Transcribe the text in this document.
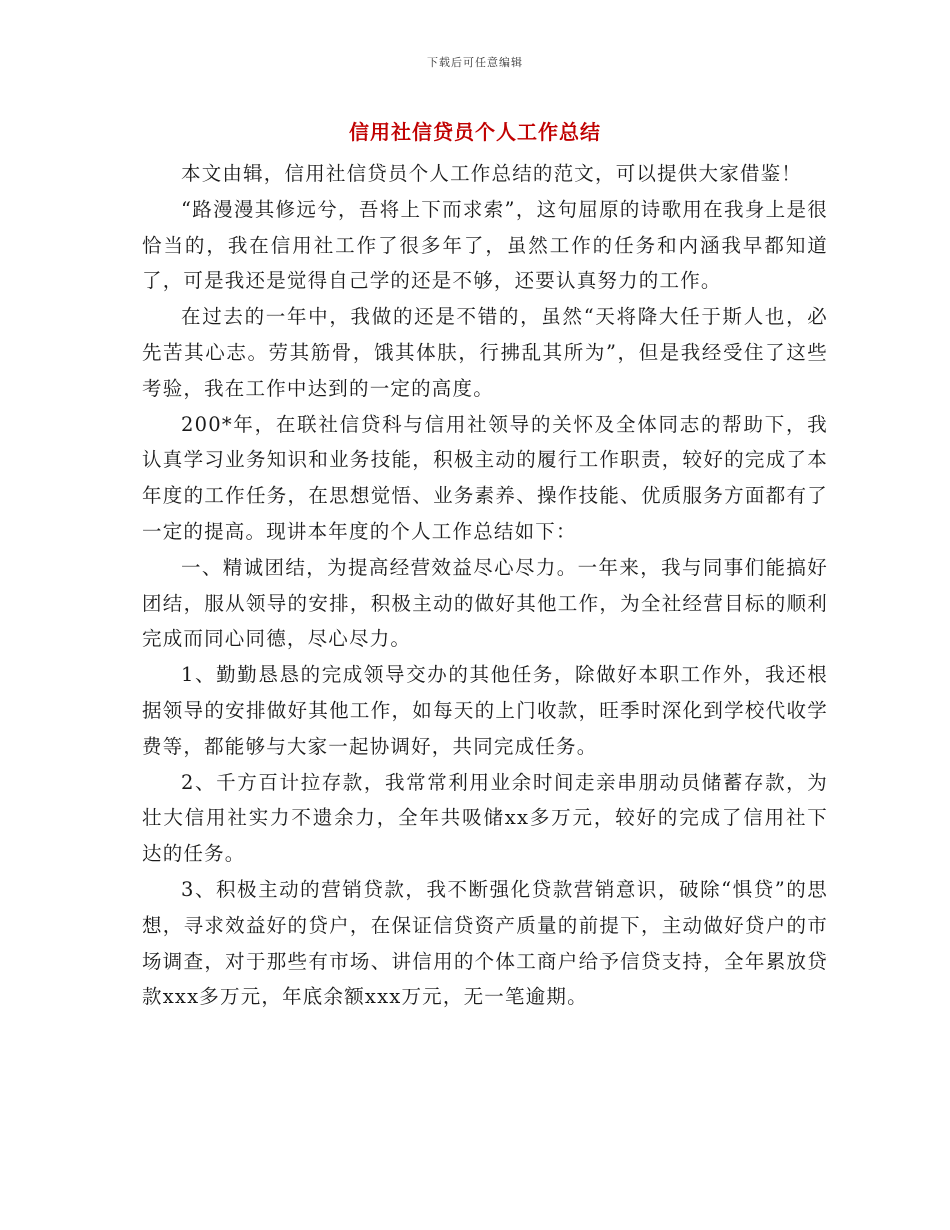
下载后可任意编辑
信用社信贷员个人工作总结

本文由辑，信用社信贷员个人工作总结的范文，可以提供大家借鉴！

“路漫漫其修远兮，吾将上下而求索”，这句屈原的诗歌用在我身上是很恰当的，我在信用社工作了很多年了，虽然工作的任务和内涵我早都知道了，可是我还是觉得自己学的还是不够，还要认真努力的工作。

在过去的一年中，我做的还是不错的，虽然“天将降大任于斯人也，必先苦其心志。劳其筋骨，饿其体肤，行拂乱其所为”，但是我经受住了这些考验，我在工作中达到的一定的高度。

200*年，在联社信贷科与信用社领导的关怀及全体同志的帮助下，我认真学习业务知识和业务技能，积极主动的履行工作职责，较好的完成了本年度的工作任务，在思想觉悟、业务素养、操作技能、优质服务方面都有了一定的提高。现讲本年度的个人工作总结如下：

一、精诚团结，为提高经营效益尽心尽力。一年来，我与同事们能搞好团结，服从领导的安排，积极主动的做好其他工作，为全社经营目标的顺利完成而同心同德，尽心尽力。

1、勤勤恳恳的完成领导交办的其他任务，除做好本职工作外，我还根据领导的安排做好其他工作，如每天的上门收款，旺季时深化到学校代收学费等，都能够与大家一起协调好，共同完成任务。

2、千方百计拉存款，我常常利用业余时间走亲串朋动员储蓄存款，为壮大信用社实力不遗余力，全年共吸储xx多万元，较好的完成了信用社下达的任务。

3、积极主动的营销贷款，我不断强化贷款营销意识，破除“惧贷”的思想，寻求效益好的贷户，在保证信贷资产质量的前提下，主动做好贷户的市场调查，对于那些有市场、讲信用的个体工商户给予信贷支持，全年累放贷款xxx多万元，年底余额xxx万元，无一笔逾期。
